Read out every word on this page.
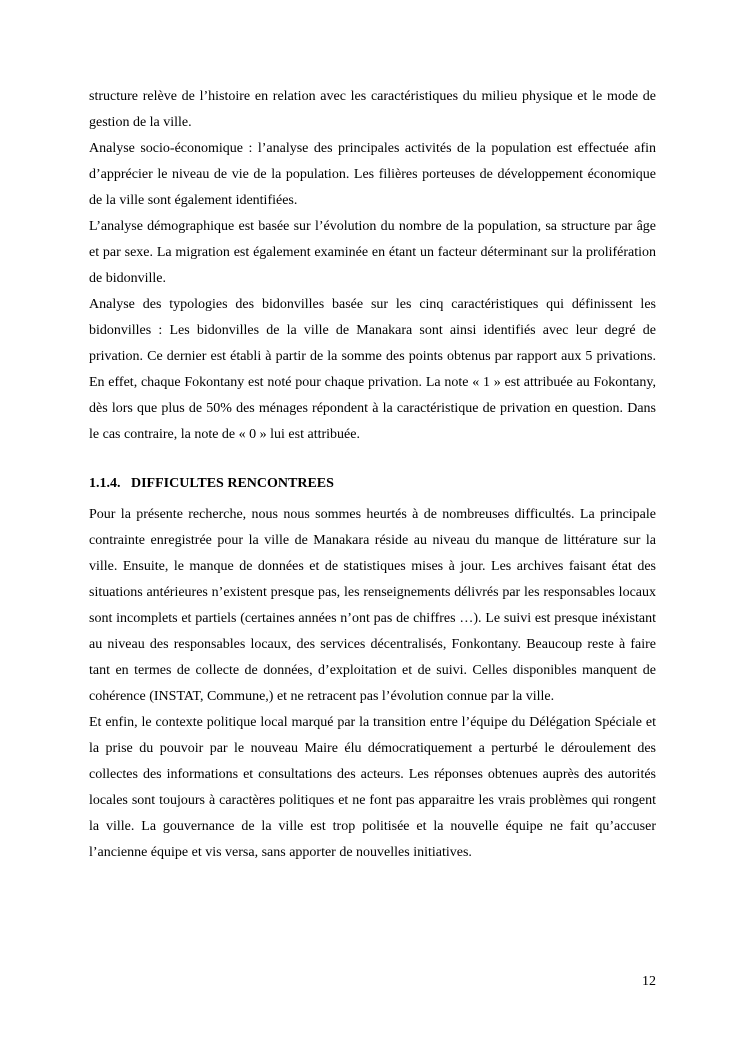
structure relève de l’histoire en relation avec les caractéristiques du milieu physique et le mode de gestion de la ville.

Analyse socio-économique : l’analyse des principales activités de la population est effectuée afin d’apprécier le niveau de vie de la population. Les filières porteuses de développement économique de la ville sont également identifiées.

L’analyse démographique est basée sur l’évolution du nombre de la population, sa structure par âge et par sexe. La migration est également examinée en étant un facteur déterminant sur la prolifération de bidonville.

Analyse des typologies des bidonvilles basée sur les cinq caractéristiques qui définissent les bidonvilles : Les bidonvilles de la ville de Manakara sont ainsi identifiés avec leur degré de privation. Ce dernier est établi à partir de la somme des points obtenus par rapport aux 5 privations. En effet, chaque Fokontany est noté pour chaque privation. La note « 1 » est attribuée au Fokontany, dès lors que plus de 50% des ménages répondent à la caractéristique de privation en question. Dans le cas contraire, la note de « 0 » lui est attribuée.

1.1.4.   DIFFICULTES RENCONTREES

Pour la présente recherche, nous nous sommes heurtés à de nombreuses difficultés. La principale contrainte enregistrée pour la ville de Manakara réside au niveau du manque de littérature sur la ville. Ensuite, le manque de données et de statistiques mises à jour. Les archives faisant état des situations antérieures n’existent presque pas, les renseignements délivrés par les responsables locaux sont incomplets et partiels (certaines années n’ont pas de chiffres …). Le suivi est presque inéxistant au niveau des responsables locaux, des services décentralisés, Fonkontany. Beaucoup reste à faire tant en termes de collecte de données, d’exploitation et de suivi. Celles disponibles manquent de cohérence (INSTAT, Commune,) et ne retracent pas l’évolution connue par la ville.

Et enfin, le contexte politique local marqué par la transition entre l’équipe du Délégation Spéciale et la prise du pouvoir par le nouveau Maire élu démocratiquement a perturbé le déroulement des collectes des informations et consultations des acteurs. Les réponses obtenues auprès des autorités locales sont toujours à caractères politiques et ne font pas apparaitre les vrais problèmes qui rongent la ville. La gouvernance de la ville est trop politisée et la nouvelle équipe ne fait qu’accuser l’ancienne équipe et vis versa, sans apporter de nouvelles initiatives.

12
